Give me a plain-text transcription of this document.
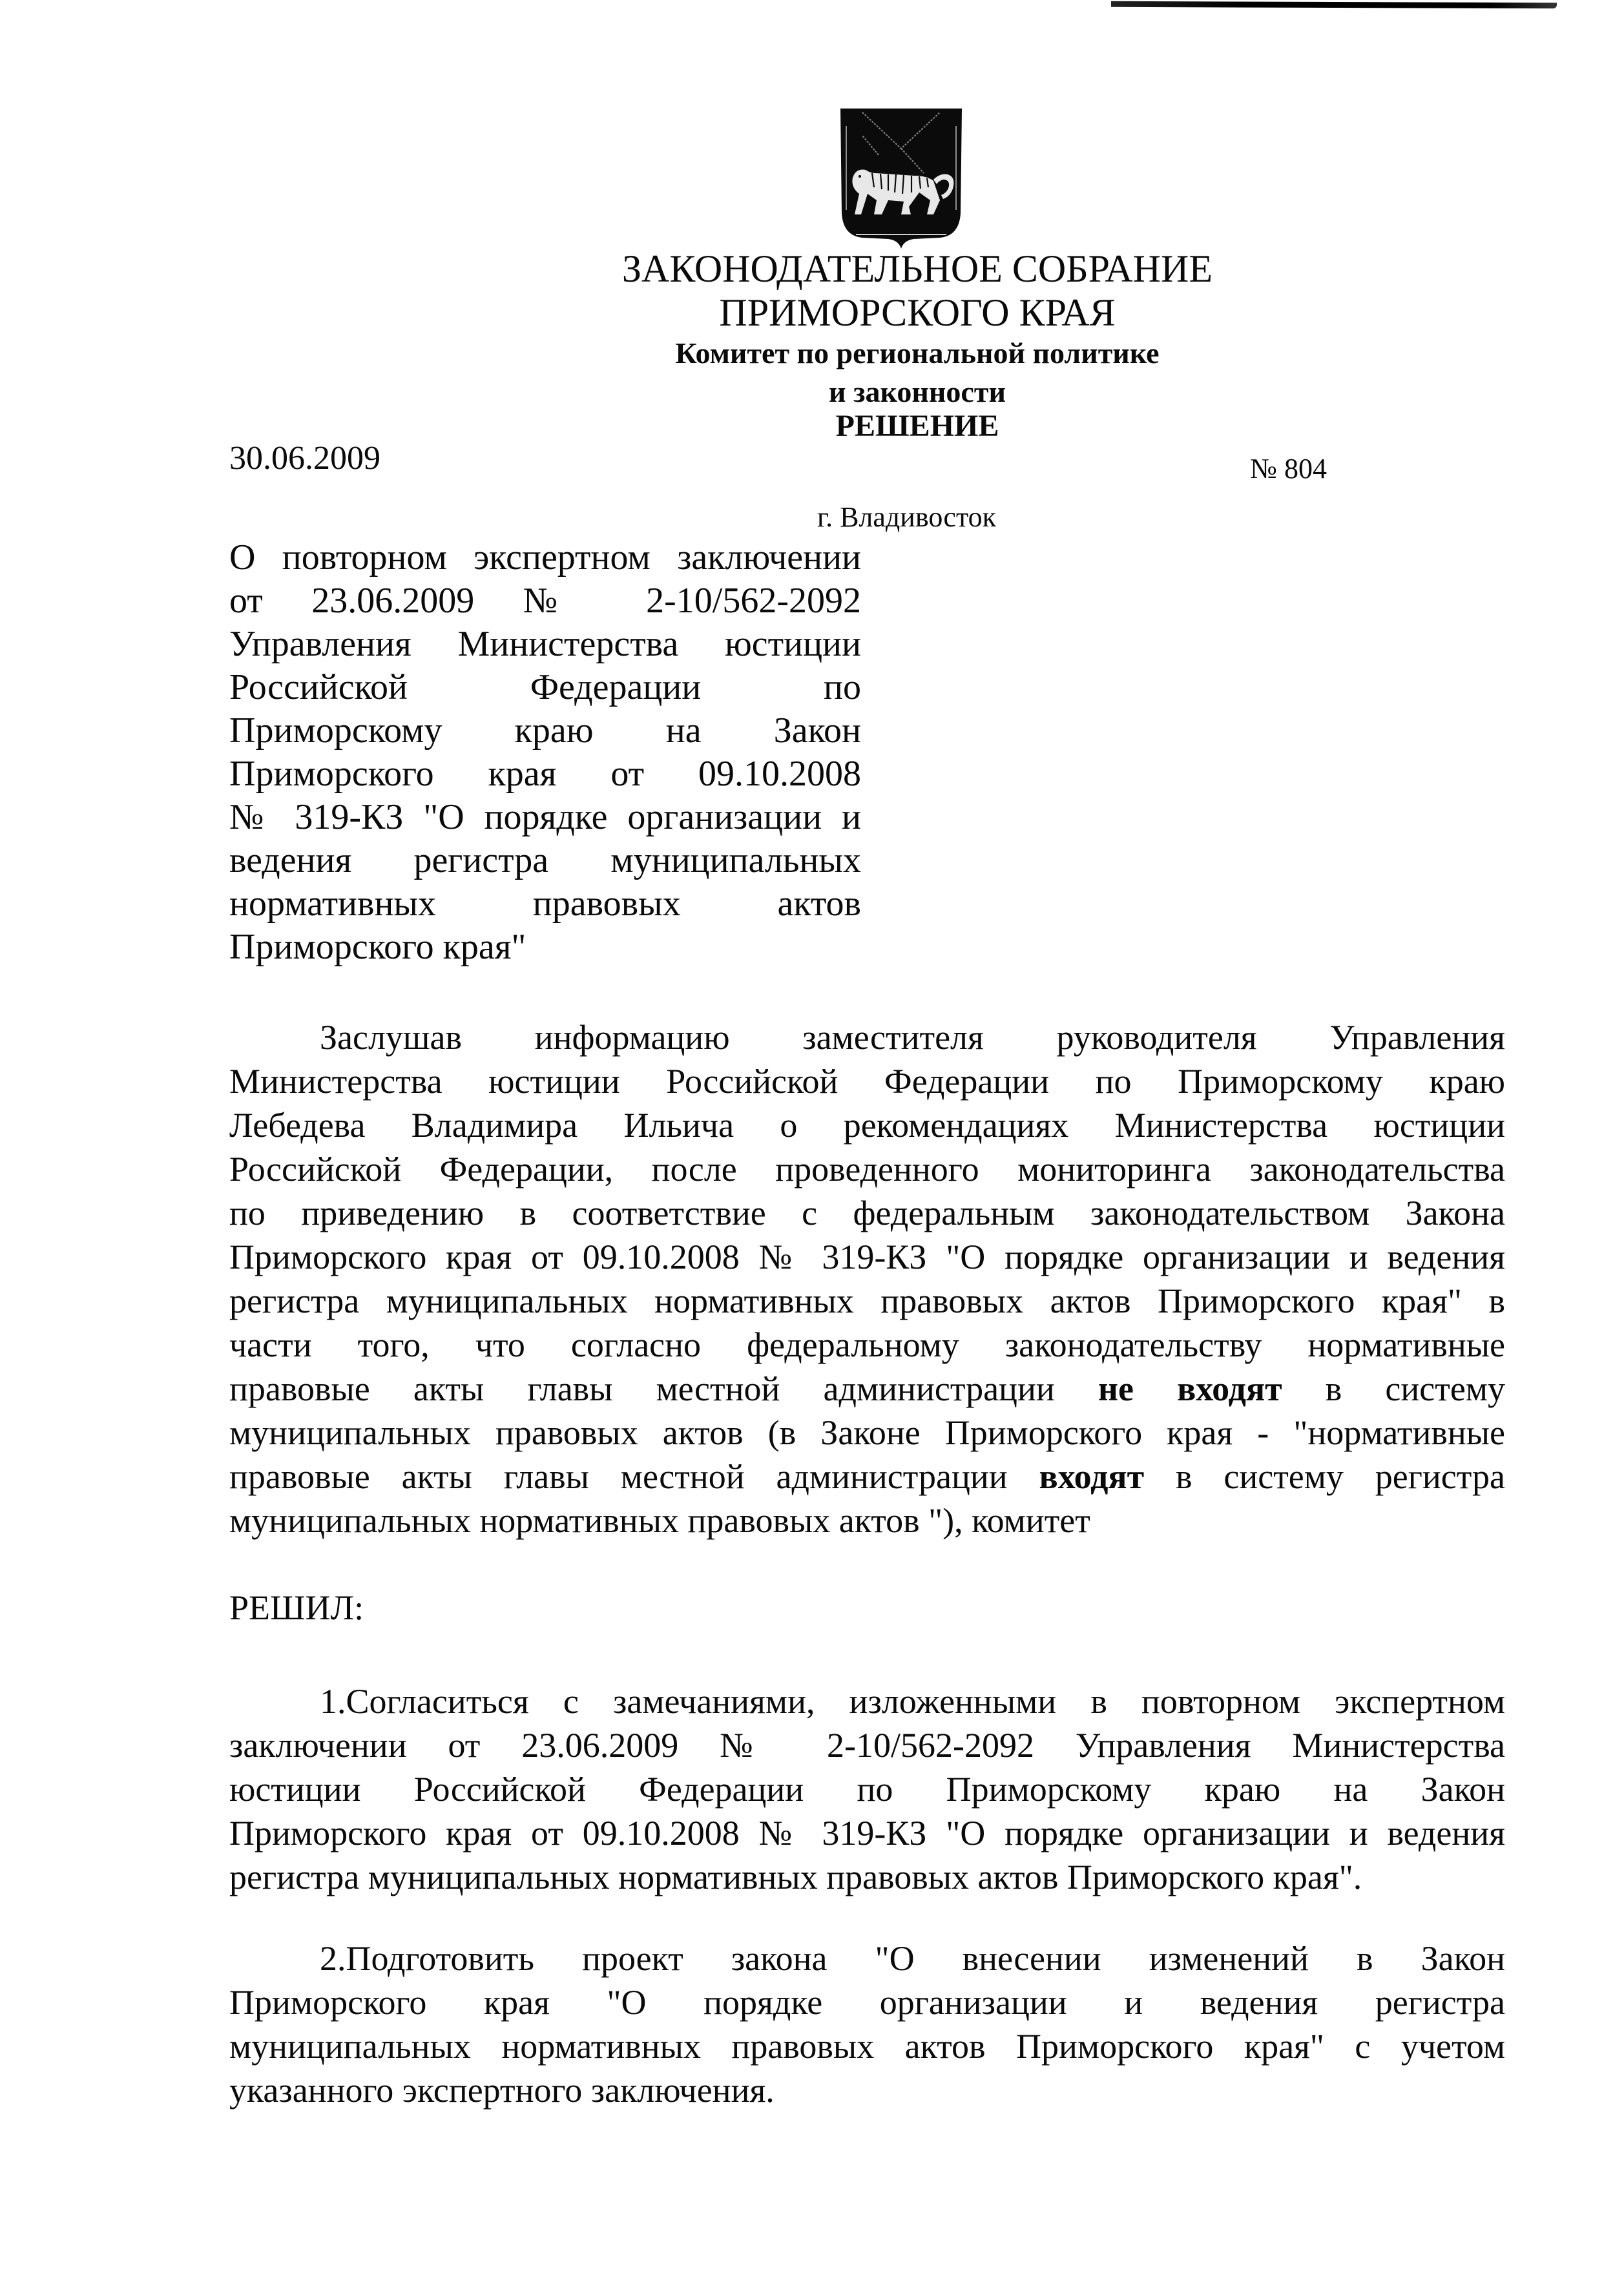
ЗАКОНОДАТЕЛЬНОЕ СОБРАНИЕ
ПРИМОРСКОГО КРАЯ
Комитет по региональной политике
и законности
РЕШЕНИЕ
30.06.2009	№ 804
г. Владивосток
О повторном экспертном заключении
от 23.06.2009 № 2-10/562-2092
Управления Министерства юстиции
Российской Федерации по
Приморскому краю на Закон
Приморского края от 09.10.2008
№ 319-КЗ "О порядке организации и
ведения регистра муниципальных
нормативных правовых актов
Приморского края"
Заслушав информацию заместителя руководителя Управления
Министерства юстиции Российской Федерации по Приморскому краю
Лебедева Владимира Ильича о рекомендациях Министерства юстиции
Российской Федерации, после проведенного мониторинга законодательства
по приведению в соответствие с федеральным законодательством Закона
Приморского края от 09.10.2008 № 319-КЗ "О порядке организации и ведения
регистра муниципальных нормативных правовых актов Приморского края" в
части того, что согласно федеральному законодательству нормативные
правовые акты главы местной администрации не входят в систему
муниципальных правовых актов (в Законе Приморского края - "нормативные
правовые акты главы местной администрации входят в систему регистра
муниципальных нормативных правовых актов "), комитет
РЕШИЛ:
1.Согласиться с замечаниями, изложенными в повторном экспертном
заключении от 23.06.2009 № 2-10/562-2092 Управления Министерства
юстиции Российской Федерации по Приморскому краю на Закон
Приморского края от 09.10.2008 № 319-КЗ "О порядке организации и ведения
регистра муниципальных нормативных правовых актов Приморского края".
2.Подготовить проект закона "О внесении изменений в Закон
Приморского края "О порядке организации и ведения регистра
муниципальных нормативных правовых актов Приморского края" с учетом
указанного экспертного заключения.
